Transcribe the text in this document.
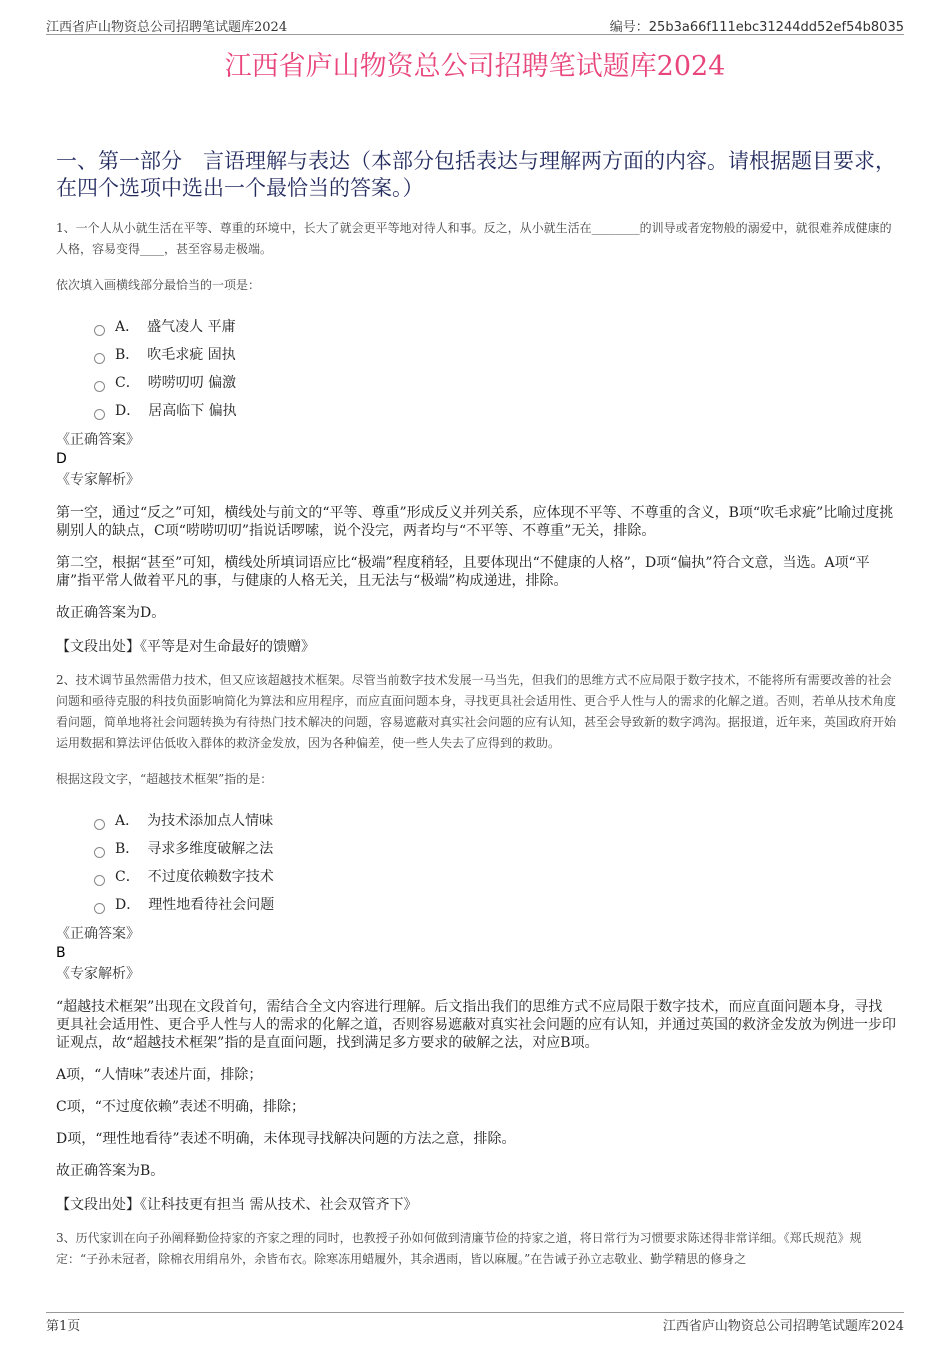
江西省庐山物资总公司招聘笔试题库2024	编号：25b3a66f111ebc31244dd52ef54b8035
江西省庐山物资总公司招聘笔试题库2024
一、第一部分　言语理解与表达（本部分包括表达与理解两方面的内容。请根据题目要求，在四个选项中选出一个最恰当的答案。）

1、一个人从小就生活在平等、尊重的环境中，长大了就会更平等地对待人和事。反之，从小就生活在________的训导或者宠物般的溺爱中，就很难养成健康的人格，容易变得____，甚至容易走极端。

依次填入画横线部分最恰当的一项是：

A． 盛气凌人 平庸
B． 吹毛求疵 固执
C． 唠唠叨叨 偏激
D． 居高临下 偏执

《正确答案》

D

《专家解析》

第一空，通过“反之”可知，横线处与前文的“平等、尊重”形成反义并列关系，应体现不平等、不尊重的含义，B项“吹毛求疵”比喻过度挑剔别人的缺点，C项“唠唠叨叨”指说话啰嗦，说个没完，两者均与“不平等、不尊重”无关，排除。

第二空，根据“甚至”可知，横线处所填词语应比“极端”程度稍轻，且要体现出“不健康的人格”，D项“偏执”符合文意，当选。A项“平庸”指平常人做着平凡的事，与健康的人格无关，且无法与“极端”构成递进，排除。

故正确答案为D。

【文段出处】《平等是对生命最好的馈赠》

2、技术调节虽然需借力技术，但又应该超越技术框架。尽管当前数字技术发展一马当先，但我们的思维方式不应局限于数字技术，不能将所有需要改善的社会问题和亟待克服的科技负面影响简化为算法和应用程序，而应直面问题本身，寻找更具社会适用性、更合乎人性与人的需求的化解之道。否则，若单从技术角度看问题，简单地将社会问题转换为有待热门技术解决的问题，容易遮蔽对真实社会问题的应有认知，甚至会导致新的数字鸿沟。据报道，近年来，英国政府开始运用数据和算法评估低收入群体的救济金发放，因为各种偏差，使一些人失去了应得到的救助。

根据这段文字，“超越技术框架”指的是：

A． 为技术添加点人情味
B． 寻求多维度破解之法
C． 不过度依赖数字技术
D． 理性地看待社会问题

《正确答案》

B

《专家解析》

“超越技术框架”出现在文段首句，需结合全文内容进行理解。后文指出我们的思维方式不应局限于数字技术，而应直面问题本身，寻找更具社会适用性、更合乎人性与人的需求的化解之道，否则容易遮蔽对真实社会问题的应有认知，并通过英国的救济金发放为例进一步印证观点，故“超越技术框架”指的是直面问题，找到满足多方要求的破解之法，对应B项。

A项，“人情味”表述片面，排除；

C项，“不过度依赖”表述不明确，排除；

D项，“理性地看待”表述不明确，未体现寻找解决问题的方法之意，排除。

故正确答案为B。

【文段出处】《让科技更有担当 需从技术、社会双管齐下》

3、历代家训在向子孙阐释勤俭持家的齐家之理的同时，也教授子孙如何做到清廉节俭的持家之道，将日常行为习惯要求陈述得非常详细。《郑氏规范》规定：“子孙未冠者，除棉衣用绢帛外，余皆布衣。除寒冻用蜡履外，其余遇雨，皆以麻履。”在告诫子孙立志敬业、勤学精思的修身之

第1页	江西省庐山物资总公司招聘笔试题库2024
